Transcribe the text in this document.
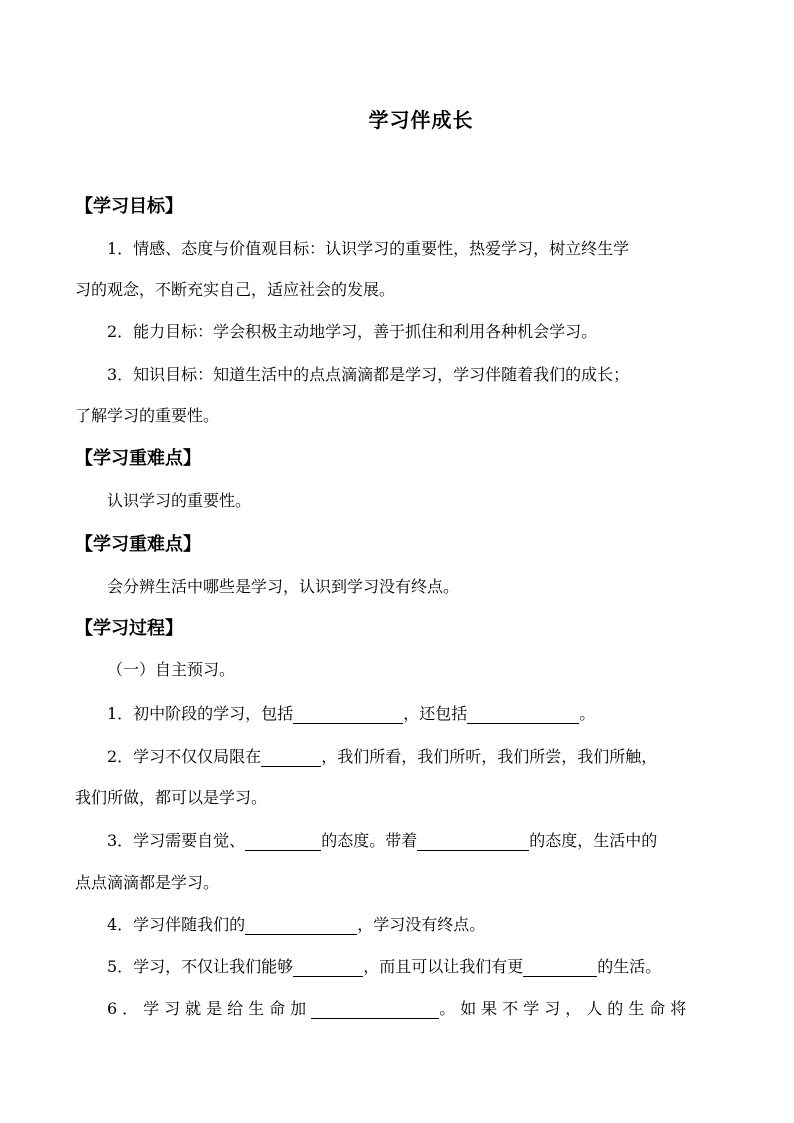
学习伴成长
【学习目标】
1．情感、态度与价值观目标：认识学习的重要性，热爱学习，树立终生学
习的观念，不断充实自己，适应社会的发展。
2．能力目标：学会积极主动地学习，善于抓住和利用各种机会学习。
3．知识目标：知道生活中的点点滴滴都是学习，学习伴随着我们的成长；
了解学习的重要性。
【学习重难点】
认识学习的重要性。
【学习重难点】
会分辨生活中哪些是学习，认识到学习没有终点。
【学习过程】
（一）自主预习。
1．初中阶段的学习，包括	，还包括	。
2．学习不仅仅局限在	，我们所看，我们所听，我们所尝，我们所触，
我们所做，都可以是学习。
3．学习需要自觉、	的态度。带着	的态度，生活中的
点点滴滴都是学习。
4．学习伴随我们的	，学习没有终点。
5．学习，不仅让我们能够	，而且可以让我们有更	的生活。
6．学习就是给生命加	。如果不学习，人的生命将
